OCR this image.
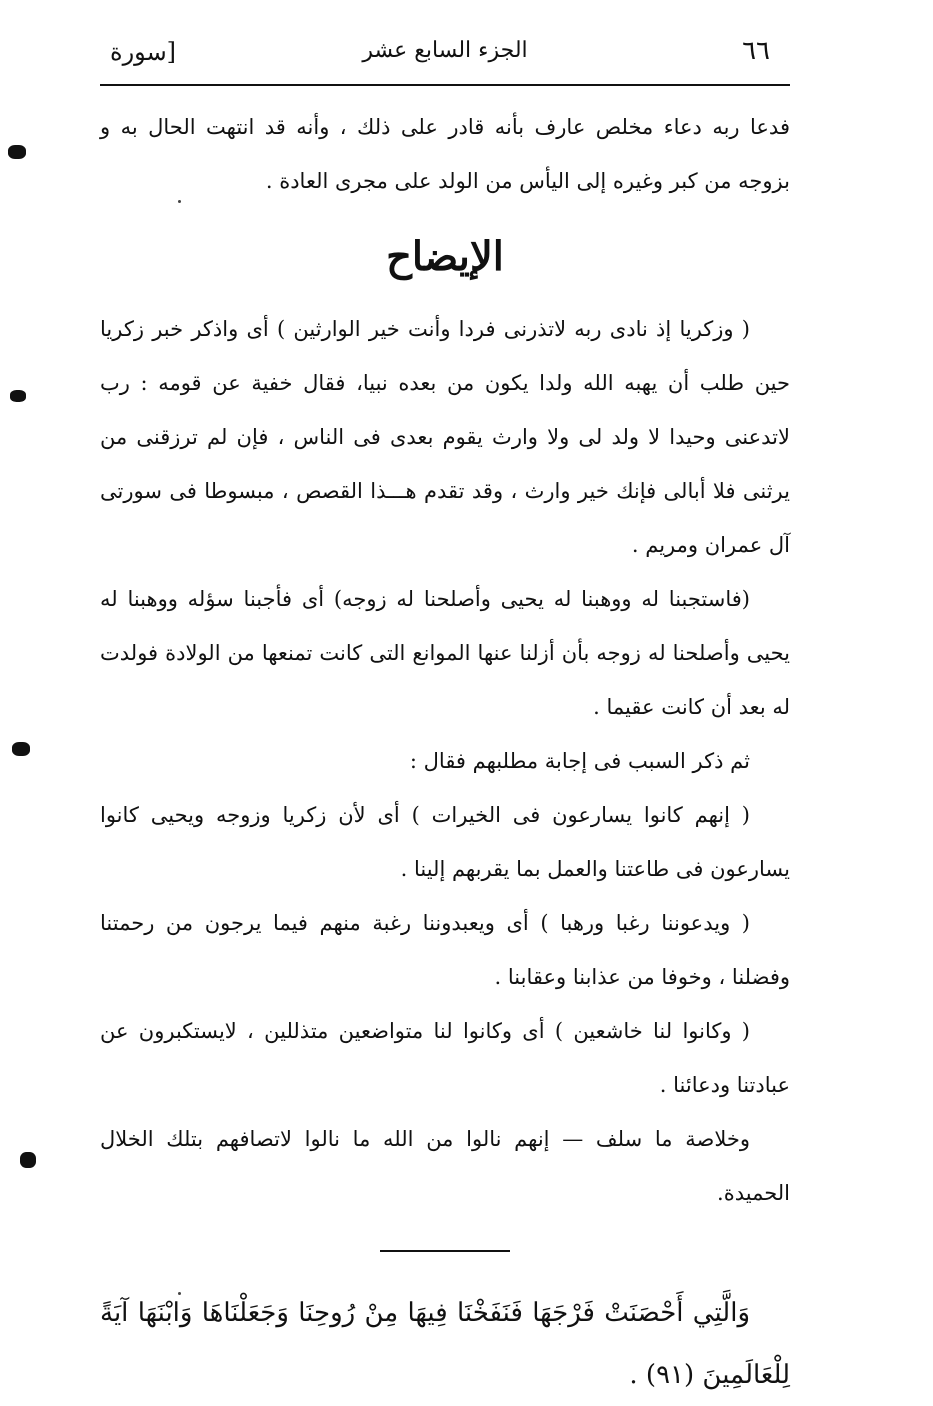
٦٦
الجزء السابع عشر
[سورة

فدعا ربه دعاء مخلص عارف بأنه قادر على ذلك ، وأنه قد انتهت الحال به و بزوجه من كبر وغيره إلى اليأس من الولد على مجرى العادة .

الإيضاح

( وزكريا إذ نادى ربه لاتذرنى فردا وأنت خير الوارثين ) أى واذكر خبر زكريا حين طلب أن يهبه الله ولدا يكون من بعده نبيا، فقال خفية عن قومه : رب لاتدعنى وحيدا لا ولد لى ولا وارث يقوم بعدى فى الناس ، فإن لم ترزقنى من يرثنى فلا أبالى فإنك خير وارث ، وقد تقدم هـــذا القصص ، مبسوطا فى سورتى آل عمران ومريم .

(فاستجبنا له ووهبنا له يحيى وأصلحنا له زوجه) أى فأجبنا سؤله ووهبنا له يحيى وأصلحنا له زوجه بأن أزلنا عنها الموانع التى كانت تمنعها من الولادة فولدت له بعد أن كانت عقيما .

ثم ذكر السبب فى إجابة مطلبهم فقال :

( إنهم كانوا يسارعون فى الخيرات ) أى لأن زكريا وزوجه ويحيى كانوا يسارعون فى طاعتنا والعمل بما يقربهم إلينا .

( ويدعوننا رغبا ورهبا ) أى ويعبدوننا رغبة منهم فيما يرجون من رحمتنا وفضلنا ، وخوفا من عذابنا وعقابنا .

( وكانوا لنا خاشعين ) أى وكانوا لنا متواضعين متذللين ، لايستكبرون عن عبادتنا ودعائنا .

وخلاصة ما سلف — إنهم نالوا من الله ما نالوا لاتصافهم بتلك الخلال الحميدة.

وَالَّتِي أَحْصَنَتْ فَرْجَهَا فَنَفَخْنَا فِيهَا مِنْ رُوحِنَا وَجَعَلْنَاهَا وَابْنَهَا آيَةً لِلْعَالَمِينَ (٩١) .
